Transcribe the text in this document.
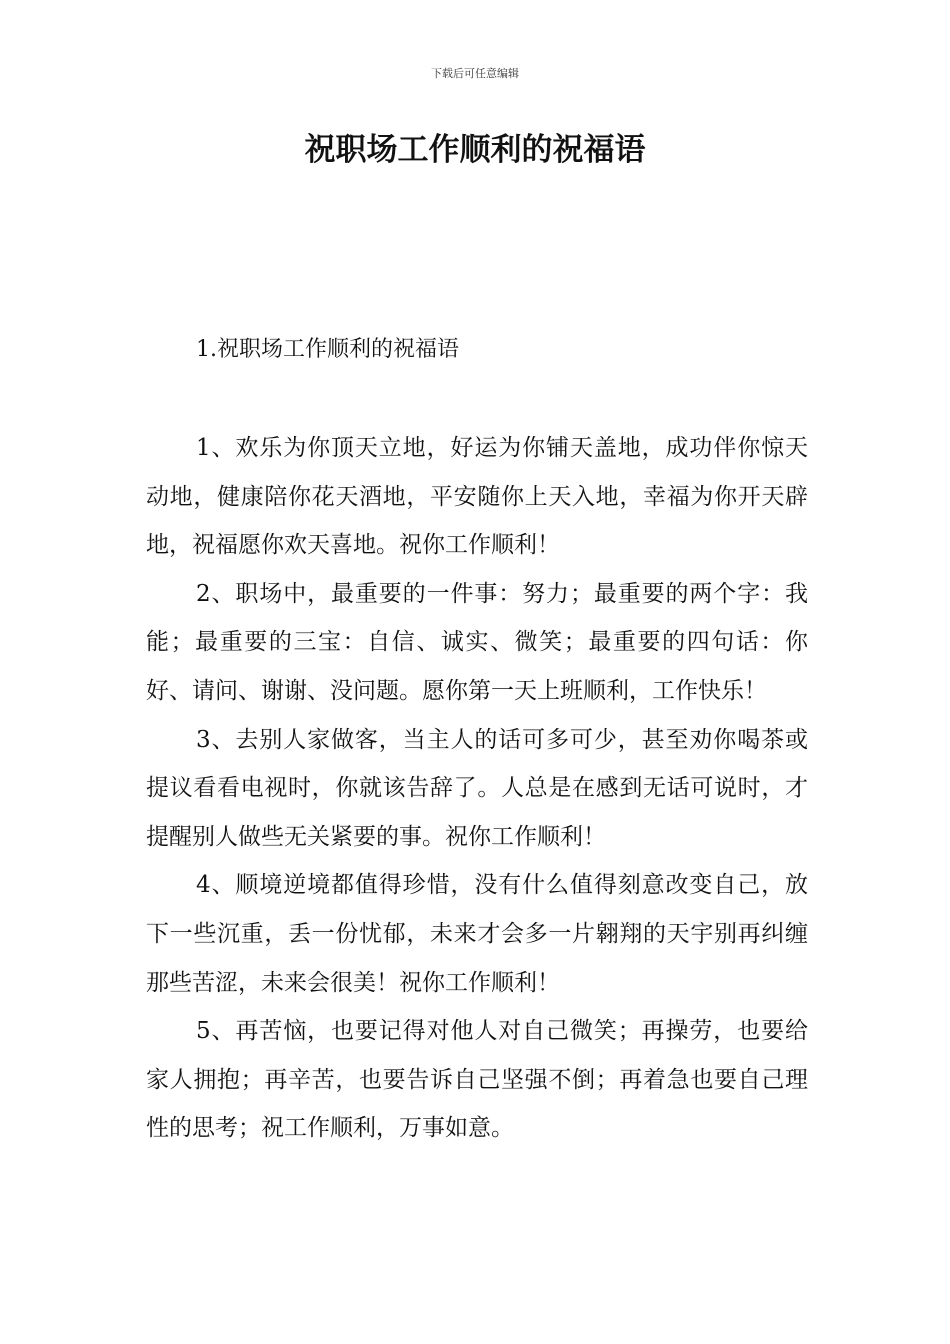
下载后可任意编辑
祝职场工作顺利的祝福语
1.祝职场工作顺利的祝福语

1、欢乐为你顶天立地，好运为你铺天盖地，成功伴你惊天动地，健康陪你花天酒地，平安随你上天入地，幸福为你开天辟地，祝福愿你欢天喜地。祝你工作顺利！

2、职场中，最重要的一件事：努力；最重要的两个字：我能；最重要的三宝：自信、诚实、微笑；最重要的四句话：你好、请问、谢谢、没问题。愿你第一天上班顺利，工作快乐！

3、去别人家做客，当主人的话可多可少，甚至劝你喝茶或提议看看电视时，你就该告辞了。人总是在感到无话可说时，才提醒别人做些无关紧要的事。祝你工作顺利！

4、顺境逆境都值得珍惜，没有什么值得刻意改变自己，放下一些沉重，丢一份忧郁，未来才会多一片翱翔的天宇别再纠缠那些苦涩，未来会很美！祝你工作顺利！

5、再苦恼，也要记得对他人对自己微笑；再操劳，也要给家人拥抱；再辛苦，也要告诉自己坚强不倒；再着急也要自己理性的思考；祝工作顺利，万事如意。
